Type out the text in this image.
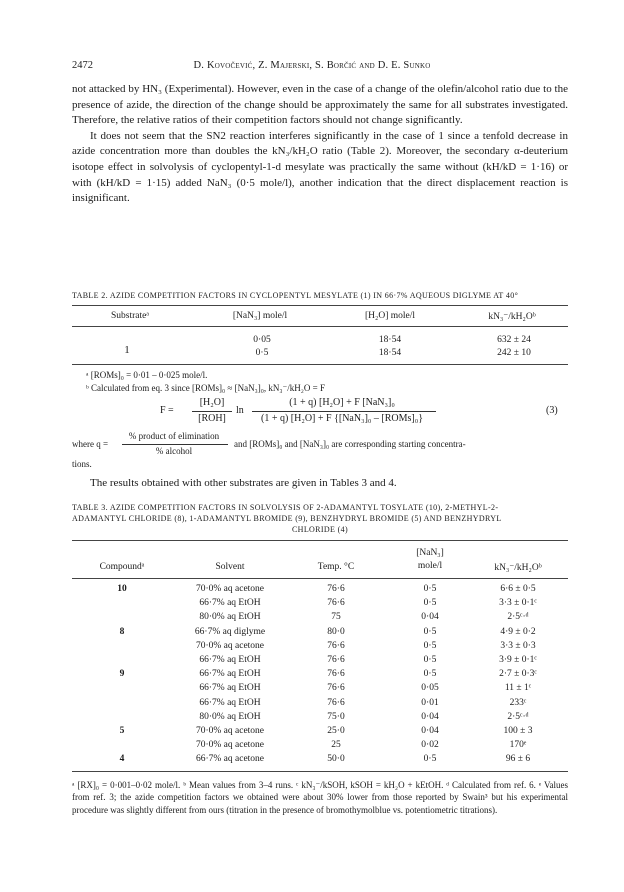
2472	D. Kovočević, Z. Majerski, S. Borčić and D. E. Sunko

not attacked by HN₃ (Experimental). However, even in the case of a change of the olefin/alcohol ratio due to the presence of azide, the direction of the change should be approximately the same for all substrates investigated. Therefore, the relative ratios of their competition factors should not change significantly.

It does not seem that the SN2 reaction interferes significantly in the case of 1 since a tenfold decrease in azide concentration more than doubles the kN₃/kH₂O ratio (Table 2). Moreover, the secondary α-deuterium isotope effect in solvolysis of cyclopentyl-1-d mesylate was practically the same without (kH/kD = 1·16) or with (kH/kD = 1·15) added NaN₃ (0·5 mole/l), another indication that the direct displacement reaction is insignificant.

TABLE 2. AZIDE COMPETITION FACTORS IN CYCLOPENTYL MESYLATE (1) IN 66·7% AQUEOUS DIGLYME AT 40°
Substrateᵃ	[NaN₃] mole/l	[H₂O] mole/l	kN₃⁻/kH₂Oᵇ
1
0·05	18·54	632 ± 24
0·5	18·54	242 ± 10
ᵃ [ROMs]₀ = 0·01 – 0·025 mole/l.
ᵇ Calculated from eq. 3 since [ROMs]₀ ≈ [NaN₃]₀, kN₃⁻/kH₂O = F
F =
[H₂O]
[ROH]
ln
(1 + q) [H₂O] + F [NaN₃]₀
(1 + q) [H₂O] + F {[NaN₃]₀ – [ROMs]₀}
(3)
where q =
% product of elimination
% alcohol
and [ROMs]₀ and [NaN₃]₀ are corresponding starting concentra-
tions.
The results obtained with other substrates are given in Tables 3 and 4.
TABLE 3. AZIDE COMPETITION FACTORS IN SOLVOLYSIS OF 2-ADAMANTYL TOSYLATE (10), 2-METHYL-2-
ADAMANTYL CHLORIDE (8), 1-ADAMANTYL BROMIDE (9), BENZHYDRYL BROMIDE (5) AND BENZHYDRYL
CHLORIDE (4)
Compoundᵃ	Solvent	Temp. °C
[NaN₃]
mole/l	kN₃⁻/kH₂Oᵇ
10	70·0% aq acetone	76·6	0·5	6·6 ± 0·5
66·7% aq EtOH	76·6	0·5	3·3 ± 0·1ᶜ
80·0% aq EtOH	75	0·04	2·5ᶜ·ᵈ
8	66·7% aq diglyme	80·0	0·5	4·9 ± 0·2
70·0% aq acetone	76·6	0·5	3·3 ± 0·3
66·7% aq EtOH	76·6	0·5	3·9 ± 0·1ᶜ
9	66·7% aq EtOH	76·6	0·5	2·7 ± 0·3ᶜ
66·7% aq EtOH	76·6	0·05	11 ± 1ᶜ
66·7% aq EtOH	76·6	0·01	233ᶜ
80·0% aq EtOH	75·0	0·04	2·5ᶜ·ᵈ
5	70·0% aq acetone	25·0	0·04	100 ± 3
70·0% aq acetone	25	0·02	170ᵉ
4	66·7% aq acetone	50·0	0·5	96 ± 6
ᵃ [RX]₀ = 0·001–0·02 mole/l. ᵇ Mean values from 3–4 runs. ᶜ kN₃⁻/kSOH, kSOH = kH₂O + kEtOH. ᵈ Calculated from ref. 6. ᵉ Values from ref. 3; the azide competition factors we obtained were about 30% lower from those reported by Swain³ but his experimental procedure was slightly different from ours (titration in the presence of bromothymolblue vs. potentiometric titrations).
